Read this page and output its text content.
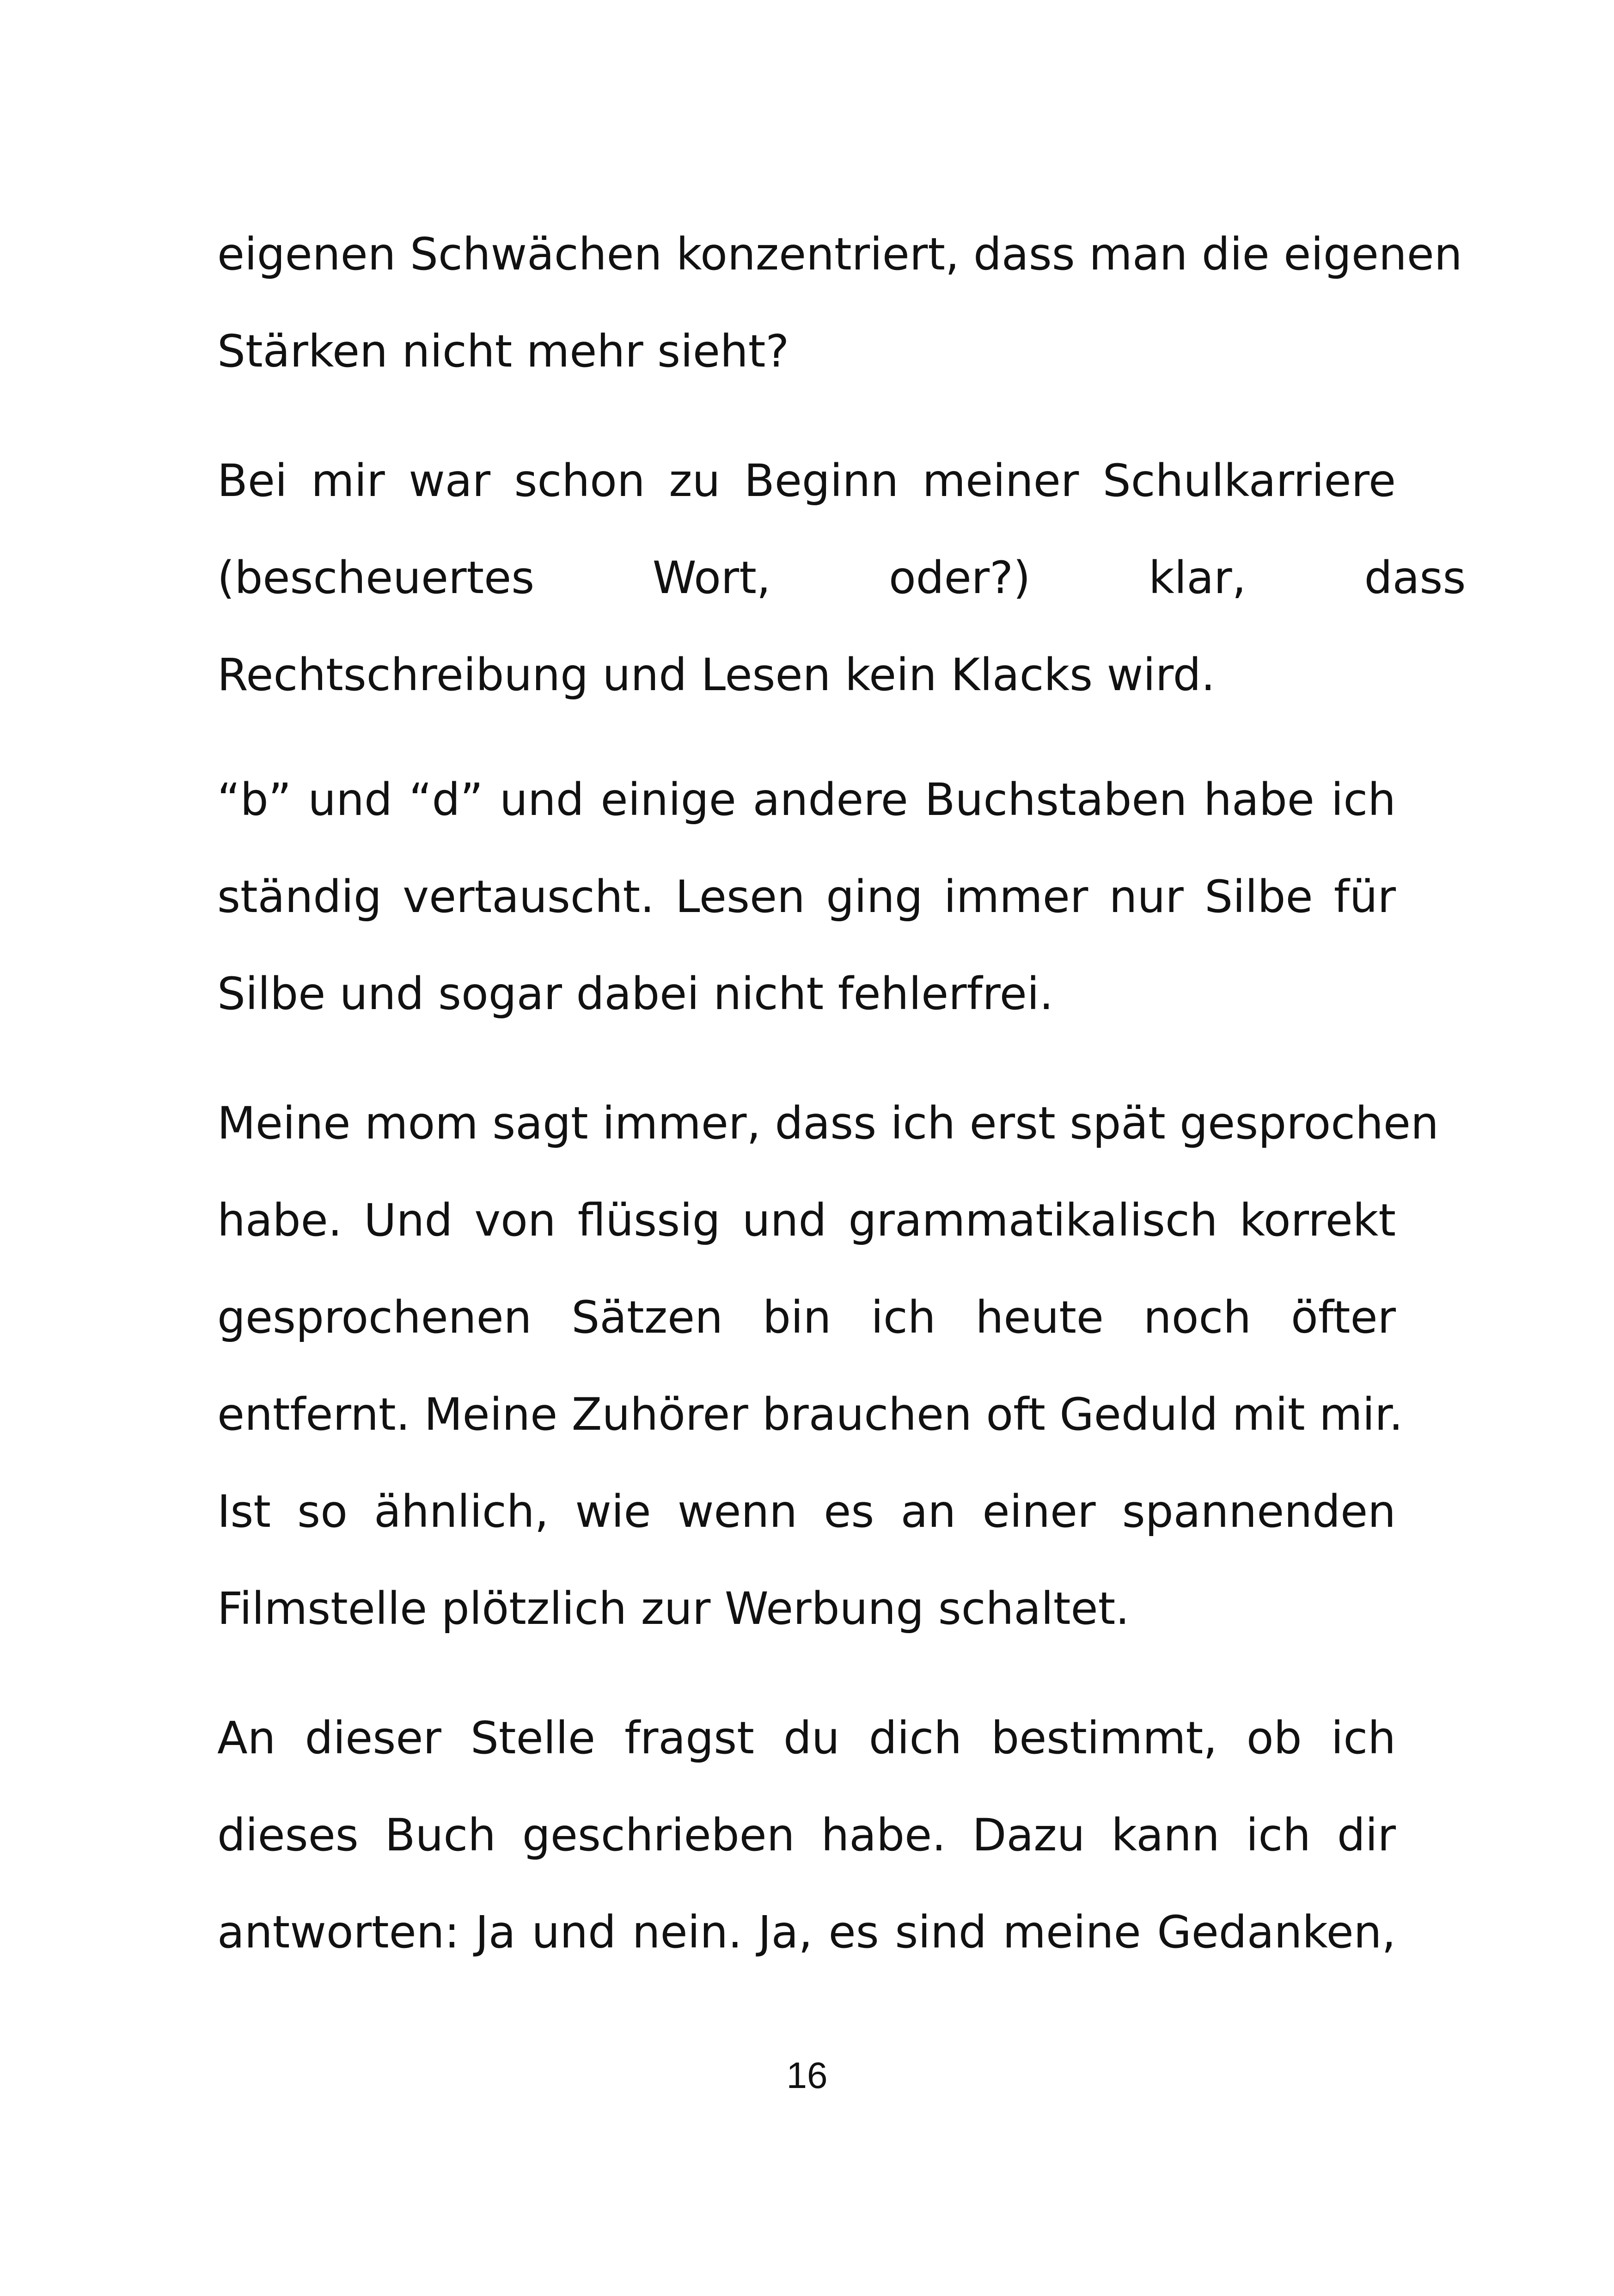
eigenen Schwächen konzentriert, dass man die eigenen
Stärken nicht mehr sieht?
Bei mir war schon zu Beginn meiner Schulkarriere
(bescheuertes Wort, oder?) klar, dass
Rechtschreibung und Lesen kein Klacks wird.
“b” und “d” und einige andere Buchstaben habe ich
ständig vertauscht. Lesen ging immer nur Silbe für
Silbe und sogar dabei nicht fehlerfrei.
Meine mom sagt immer, dass ich erst spät gesprochen
habe. Und von flüssig und grammatikalisch korrekt
gesprochenen Sätzen bin ich heute noch öfter
entfernt. Meine Zuhörer brauchen oft Geduld mit mir.
Ist so ähnlich, wie wenn es an einer spannenden
Filmstelle plötzlich zur Werbung schaltet.
An dieser Stelle fragst du dich bestimmt, ob ich
dieses Buch geschrieben habe. Dazu kann ich dir
antworten: Ja und nein. Ja, es sind meine Gedanken,
16
